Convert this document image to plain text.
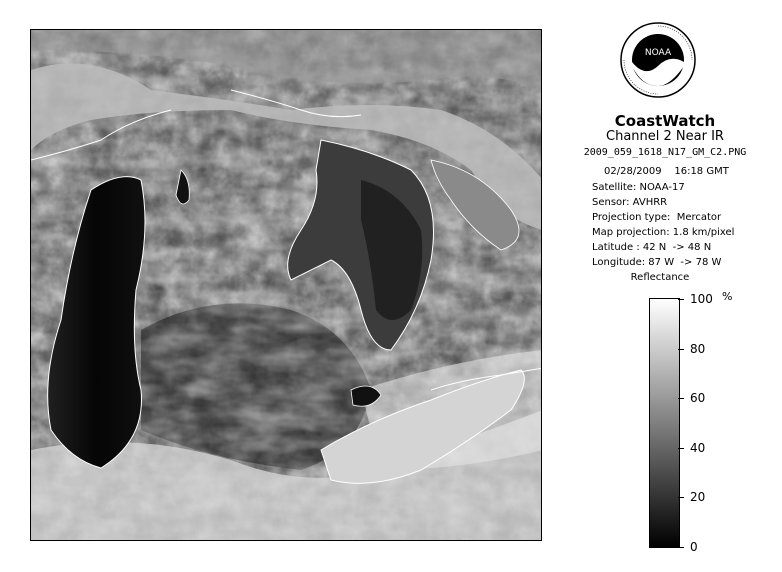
NOAA
CoastWatch
Channel 2 Near IR
2009_059_1618_N17_GM_C2.PNG
02/28/2009    16:18 GMT
Satellite: NOAA-17
Sensor: AVHRR
Projection type:  Mercator
Map projection: 1.8 km/pixel
Latitude : 42 N  -> 48 N
Longitude: 87 W  -> 78 W
Reflectance
%
100
80
60
40
20
0
